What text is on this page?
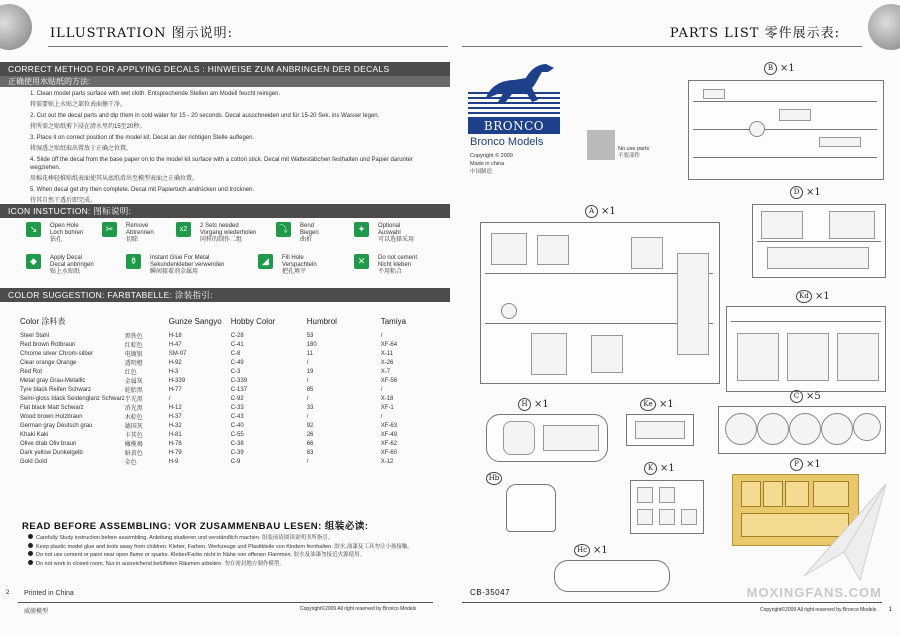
ILLUSTRATION 图示说明:
CORRECT METHOD FOR APPLYING DECALS : HINWEISE ZUM ANBRINGEN DER DECALS
正确使用水贴纸的方法:
1. Clean model parts surface with wet cloth. Entsprechende Stellen am Modell feucht reinigen.
将需要贴上水贴之部位表面擦干净。
2. Cut out the decal parts and dip them in cold water for 15 - 20 seconds. Decal ausschneiden und für 15-20 Sek. ins Wasser legen.
将所需之贴纸剪下浸在清水里约15至20秒。
3. Place it on correct position of the model kit. Decal an der richtigen Stelle auflegen.
将湿透之贴纸取出置放于正确之位置。
4. Slide off the decal from the base paper on to the model kit surface with a cotton stick. Decal mit Wattestäbchen festhalten und Papier darunter wegziehen.
用棉花棒轻推贴纸表面使其从底纸滑出至模型表面之正确位置。
5. When decal get dry then complete. Decal mit Papiertuch andrücken und trocknen.
待其自然干透后即完成。
ICON INSTUCTION: 图标说明:
↘	Open Hole
Loch bohren
钻孔
✂	Remove
Abtrennen
切除
x2	2 Sets needed
Vorgang wiederholen
同样的制作二组
⤵	Bend
Biegen
曲折
✦	Optional
Auswahl
可以选择采用
◆	Apply Decal
Decal anbringen
贴上水贴纸
⚱	Instant Glue For Metal
Sekundenkleber verwenden
瞬间接着剂金属用
◢	Fill Hole
Verspachteln
把孔填平
✕	Do not cement
Nicht kleben
不用粘合
COLOR SUGGESTION: FARBTABELLE: 涂装指引:
Color 涂料表		Gunze Sangyo	Hobby Color	Humbrol	Tamiya
Steel Stahl	黑铁色	H-18	C-28	53	/
Red brown Rotbraun	红棕色	H-47	C-41	180	XF-64
Chrome silver Chrom-silber	电镀银	SM-07	C-8	11	X-11
Clear orange Orange	透明橙	H-92	C-49	/	X-26
Red Rot	红色	H-3	C-3	19	X-7
Metal gray Grau-Metallic	金属灰	H-339	C-339	/	XF-56
Tyre black Reifen Schwarz	轮胎黑	H-77	C-137	85	/
Semi-gloss black Seidenglanz Schwarz	半光黑	/	C-92	/	X-18
Flat black Matt Schwarz	消光黑	H-12	C-33	33	XF-1
Wood brown Holzbraun	木棕色	H-37	C-43	/	/
German gray Deutsch grau	德国灰	H-32	C-40	92	XF-63
Khaki Kaki	卡其色	H-81	C-55	26	XF-49
Olive drab Oliv braun	橄榄褐	H-78	C-38	66	XF-62
Dark yellow Dunkelgelb	暗黄色	H-79	C-39	83	XF-60
Gold Gold	金色	H-9	C-9	/	X-12
READ BEFORE ASSEMBLING: VOR ZUSAMMENBAU LESEN: 组装必读:
Carefully Study instruction before assembling. Anleitung studieren und verständlich machen. 组装前请阅读说明书所指引。
Keep plastic model glue and tools away from children. Kleber, Farben, Werkzeuge und Plastikteile von Kindern fernhalten. 胶水,油漆及工具勿让小孩接触。
Do not use cement or paint near open flame or sparks. Kleber/Farbe nicht in Nähe von offenen Flammen. 胶水及油漆勿接近火源使用。
Do not work in closed room. Nur in ausreichend belüfteten Räumen arbeiten. 勿在密封地方制作模型。
2 Printed in China
威骏模型	Copyright©2009 All right reserved by Bronco Models
PARTS LIST 零件展示表:
BRONCO
Bronco Models
Copyright © 2009
Made in china
中国制造
No use parts
不要部件
B ×1
A ×1
D ×1
Kd ×1
H ×1	Ke ×1
C ×5
K ×1	P ×1
Hb
Hc ×1
CB-35047	MOXINGFANS.COM
Copyright©2009 All right reserved by Bronco Models 1
